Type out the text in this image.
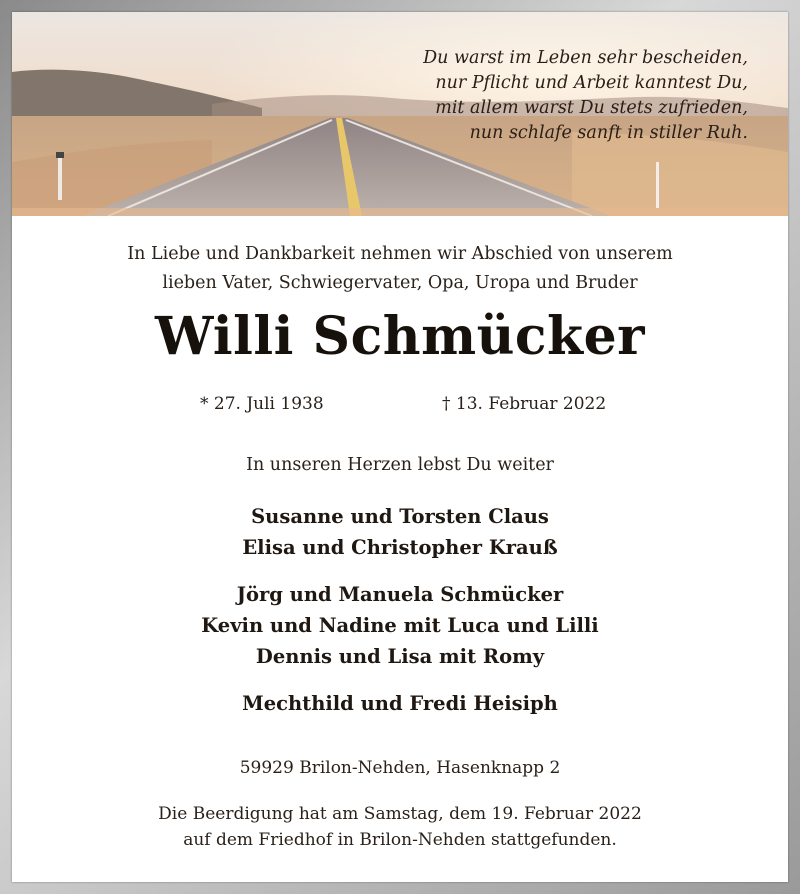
Du warst im Leben sehr bescheiden,
nur Pflicht und Arbeit kanntest Du,
mit allem warst Du stets zufrieden,
nun schlafe sanft in stiller Ruh.
In Liebe und Dankbarkeit nehmen wir Abschied von unserem
lieben Vater, Schwiegervater, Opa, Uropa und Bruder
Willi Schmücker
* 27. Juli 1938	† 13. Februar 2022
In unseren Herzen lebst Du weiter
Susanne und Torsten Claus
Elisa und Christopher Krauß
Jörg und Manuela Schmücker
Kevin und Nadine mit Luca und Lilli
Dennis und Lisa mit Romy
Mechthild und Fredi Heisiph
59929 Brilon-Nehden, Hasenknapp 2
Die Beerdigung hat am Samstag, dem 19. Februar 2022
auf dem Friedhof in Brilon-Nehden stattgefunden.
